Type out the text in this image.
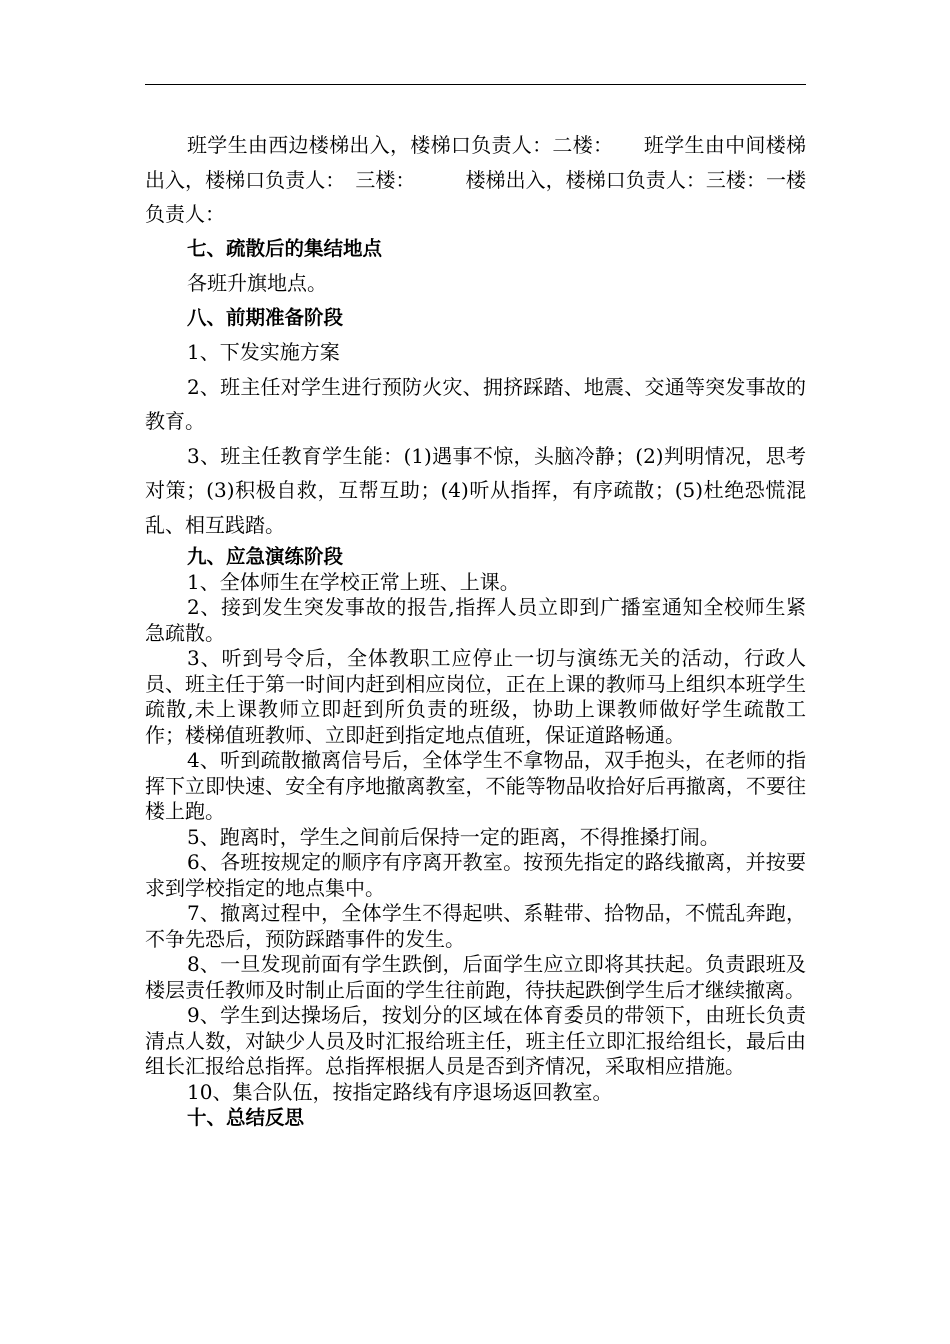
班学生由西边楼梯出入，楼梯口负责人：二楼：　　班学生由中间楼梯出入，楼梯口负责人：　三楼：　　　楼梯出入，楼梯口负责人：三楼：一楼负责人：

七、疏散后的集结地点

各班升旗地点。

八、前期准备阶段

1、下发实施方案

2、班主任对学生进行预防火灾、拥挤踩踏、地震、交通等突发事故的教育。

3、班主任教育学生能：(1)遇事不惊，头脑冷静；(2)判明情况，思考对策；(3)积极自救，互帮互助；(4)听从指挥，有序疏散；(5)杜绝恐慌混乱、相互践踏。

九、应急演练阶段

1、全体师生在学校正常上班、上课。

2、接到发生突发事故的报告,指挥人员立即到广播室通知全校师生紧急疏散。

3、听到号令后，全体教职工应停止一切与演练无关的活动，行政人员、班主任于第一时间内赶到相应岗位，正在上课的教师马上组织本班学生疏散,未上课教师立即赶到所负责的班级，协助上课教师做好学生疏散工作；楼梯值班教师、立即赶到指定地点值班，保证道路畅通。

4、听到疏散撤离信号后，全体学生不拿物品，双手抱头，在老师的指挥下立即快速、安全有序地撤离教室，不能等物品收拾好后再撤离，不要往楼上跑。

5、跑离时，学生之间前后保持一定的距离，不得推搡打闹。

6、各班按规定的顺序有序离开教室。按预先指定的路线撤离，并按要求到学校指定的地点集中。

7、撤离过程中，全体学生不得起哄、系鞋带、拾物品，不慌乱奔跑，不争先恐后，预防踩踏事件的发生。

8、一旦发现前面有学生跌倒，后面学生应立即将其扶起。负责跟班及楼层责任教师及时制止后面的学生往前跑，待扶起跌倒学生后才继续撤离。

9、学生到达操场后，按划分的区域在体育委员的带领下，由班长负责清点人数，对缺少人员及时汇报给班主任，班主任立即汇报给组长，最后由组长汇报给总指挥。总指挥根据人员是否到齐情况，采取相应措施。

10、集合队伍，按指定路线有序退场返回教室。

十、总结反思
